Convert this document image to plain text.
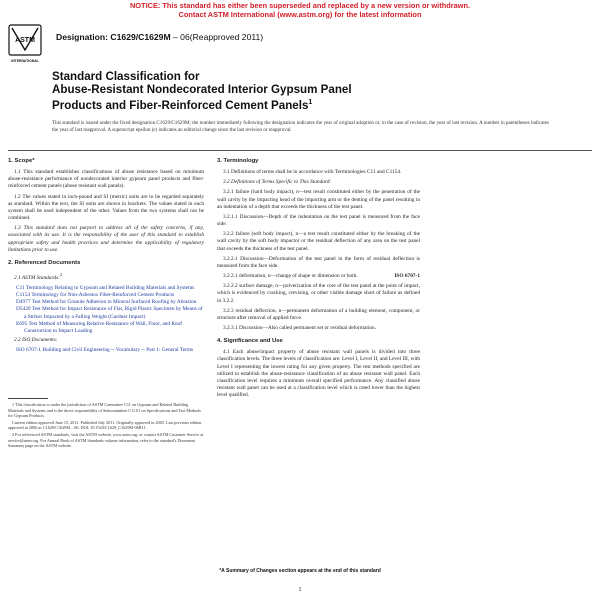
NOTICE: This standard has either been superseded and replaced by a new version or withdrawn.
Contact ASTM International (www.astm.org) for the latest information
ASTM
INTERNATIONAL
Designation: C1629/C1629M – 06(Reapproved 2011)
Standard Classification for
Abuse-Resistant Nondecorated Interior Gypsum Panel
Products and Fiber-Reinforced Cement Panels$^1$
This standard is issued under the fixed designation C1629/C1629M; the number immediately following the designation indicates the year of original adoption or, in the case of revision, the year of last revision. A number in parentheses indicates the year of last reapproval. A superscript epsilon (ε) indicates an editorial change since the last revision or reapproval.
1. Scope*
1.1 This standard establishes classifications of abuse resistance based on minimum abuse-resistance performance of nondecorated interior gypsum panel products and fiber-reinforced cement panels (abuse resistant wall panels).
1.2 The values stated in inch-pound and SI (metric) units are to be regarded separately as standard. Within the text, the SI units are shown in brackets. The values stated in each system shall be used independent of the other. Values from the two systems shall not be combined.
1.3 This standard does not purport to address all of the safety concerns, if any, associated with its use. It is the responsibility of the user of this standard to establish appropriate safety and health practices and determine the applicability of regulatory limitations prior to use.
2. Referenced Documents
2.1 ASTM Standards:$^2$
C11 Terminology Relating to Gypsum and Related Building Materials and Systems
C1154 Terminology for Non-Asbestos Fiber-Reinforced Cement Products
D4977 Test Method for Granule Adhesion to Mineral Surfaced Roofing by Abrasion
D5420 Test Method for Impact Resistance of Flat, Rigid Plastic Specimen by Means of a Striker Impacted by a Falling Weight (Gardner Impact)
E695 Test Method of Measuring Relative Resistance of Wall, Floor, and Roof Construction to Impact Loading
2.2 ISO Documents:
ISO 6707-1 Building and Civil Engineering -- Vocabulary -- Part 1: General Terms
1 This classification is under the jurisdiction of ASTM Committee C11 on Gypsum and Related Building Materials and Systems and is the direct responsibility of Subcommittee C11.01 on Specifications and Test Methods for Gypsum Products.
Current edition approved June 15, 2011. Published July 2011. Originally approved in 2005. Last previous edition approved in 2006 as C1629/C1629M – 06. DOI: 10.1520/C1629_C1629M-06R11.
2 For referenced ASTM standards, visit the ASTM website, www.astm.org, or contact ASTM Customer Service at service@astm.org. For Annual Book of ASTM Standards volume information, refer to the standard's Document Summary page on the ASTM website.
3. Terminology
3.1 Definitions of terms shall be in accordance with Terminologies C11 and C1154.
3.2 Definitions of Terms Specific to This Standard:
3.2.1 failure (hard body impact), n—test result constituted either by the penetration of the wall cavity by the impacting head of the impacting arm or the denting of the panel resulting in an indentation of a depth that exceeds the thickness of the test panel.
3.2.1.1 Discussion—Depth of the indentation on the test panel is measured from the face side.
3.2.2 failure (soft body impact), n—a test result constituted either by the breaking of the wall cavity by the soft body impactor or the residual deflection of any area on the test panel that exceeds the thickness of the test panel.
3.2.2.1 Discussion—Deformation of the test panel in the form of residual deflection is measured from the face side.
3.2.2.1 deformation, n—change of shape or dimension or both.	ISO 6707-1
3.2.2.2 surface damage, n—pulverization of the core of the test panel at the point of impact, which is evidenced by cracking, crevising, or other visible damage short of failure as defined in 3.2.2.
3.2.3 residual deflection, n—permanent deformation of a building element, component, or structure after removal of applied force.
3.2.3.1 Discussion—Also called permanent set or residual deformation.
4. Significance and Use
4.1 Each abuse/impact property of abuse resistant wall panels is divided into three classification levels. The three levels of classification are: Level I, Level II, and Level III, with Level I representing the lowest rating for any given property. The test methods specified are utilized to establish the abuse-resistance classification of an abuse resistant wall panel. Each classification level requires a minimum overall specified performance. Any classified abuse resistant wall panel can be used at a classification level which is rated lower than the highest level qualified.
*A Summary of Changes section appears at the end of this standard
1
